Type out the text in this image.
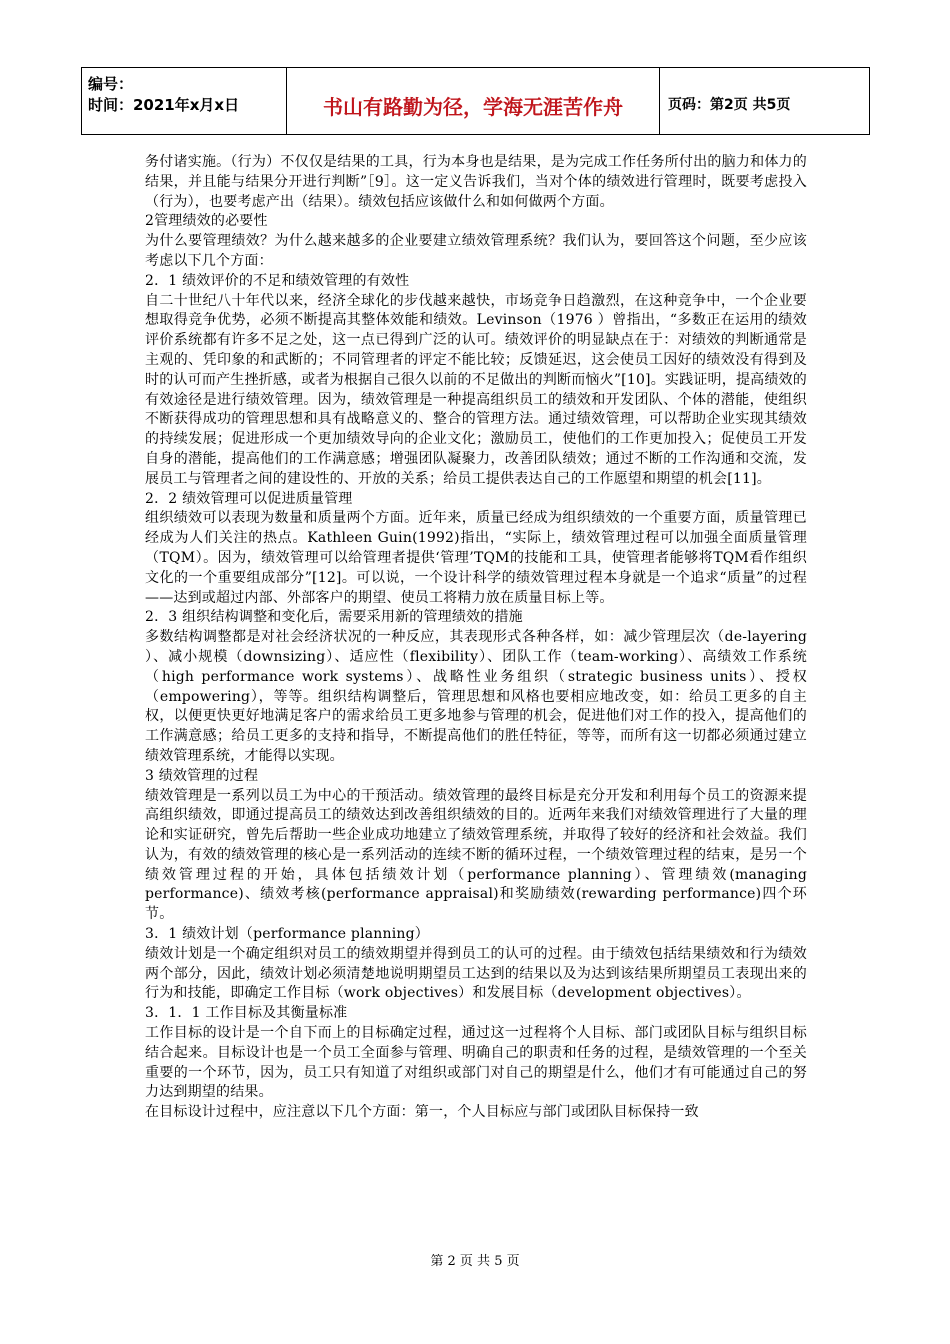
编号：
时间：2021年x月x日	书山有路勤为径，学海无涯苦作舟	页码：第2页 共5页

务付诸实施。（行为）不仅仅是结果的工具，行为本身也是结果，是为完成工作任务所付出的脑力和体力的结果，并且能与结果分开进行判断”［9］。这一定义告诉我们，当对个体的绩效进行管理时，既要考虑投入（行为），也要考虑产出（结果）。绩效包括应该做什么和如何做两个方面。

2管理绩效的必要性

为什么要管理绩效？为什么越来越多的企业要建立绩效管理系统？我们认为，要回答这个问题，至少应该考虑以下几个方面：

2．1 绩效评价的不足和绩效管理的有效性

自二十世纪八十年代以来，经济全球化的步伐越来越快，市场竞争日趋激烈，在这种竞争中，一个企业要想取得竞争优势，必须不断提高其整体效能和绩效。Levinson（1976 ）曾指出，“多数正在运用的绩效评价系统都有许多不足之处，这一点已得到广泛的认可。绩效评价的明显缺点在于：对绩效的判断通常是主观的、凭印象的和武断的；不同管理者的评定不能比较；反馈延迟，这会使员工因好的绩效没有得到及时的认可而产生挫折感，或者为根据自己很久以前的不足做出的判断而恼火”[10]。实践证明，提高绩效的有效途径是进行绩效管理。因为，绩效管理是一种提高组织员工的绩效和开发团队、个体的潜能，使组织不断获得成功的管理思想和具有战略意义的、整合的管理方法。通过绩效管理，可以帮助企业实现其绩效的持续发展；促进形成一个更加绩效导向的企业文化；激励员工，使他们的工作更加投入；促使员工开发自身的潜能，提高他们的工作满意感；增强团队凝聚力，改善团队绩效；通过不断的工作沟通和交流，发展员工与管理者之间的建设性的、开放的关系；给员工提供表达自己的工作愿望和期望的机会[11]。

2．2 绩效管理可以促进质量管理

组织绩效可以表现为数量和质量两个方面。近年来，质量已经成为组织绩效的一个重要方面，质量管理已经成为人们关注的热点。Kathleen Guin(1992)指出，“实际上，绩效管理过程可以加强全面质量管理（TQM）。因为，绩效管理可以给管理者提供‘管理’TQM的技能和工具，使管理者能够将TQM看作组织文化的一个重要组成部分”[12]。可以说，一个设计科学的绩效管理过程本身就是一个追求“质量”的过程——达到或超过内部、外部客户的期望、使员工将精力放在质量目标上等。

2．3 组织结构调整和变化后，需要采用新的管理绩效的措施

多数结构调整都是对社会经济状况的一种反应，其表现形式各种各样，如：减少管理层次（de-layering ）、减小规模（downsizing）、适应性（flexibility）、团队工作（team-working）、高绩效工作系统（high performance work systems）、战略性业务组织（strategic business units）、授权（empowering），等等。组织结构调整后，管理思想和风格也要相应地改变，如：给员工更多的自主权，以便更快更好地满足客户的需求给员工更多地参与管理的机会，促进他们对工作的投入，提高他们的工作满意感；给员工更多的支持和指导，不断提高他们的胜任特征，等等，而所有这一切都必须通过建立绩效管理系统，才能得以实现。

3 绩效管理的过程

绩效管理是一系列以员工为中心的干预活动。绩效管理的最终目标是充分开发和利用每个员工的资源来提高组织绩效，即通过提高员工的绩效达到改善组织绩效的目的。近两年来我们对绩效管理进行了大量的理论和实证研究，曾先后帮助一些企业成功地建立了绩效管理系统，并取得了较好的经济和社会效益。我们认为，有效的绩效管理的核心是一系列活动的连续不断的循环过程，一个绩效管理过程的结束，是另一个绩效管理过程的开始，具体包括绩效计划（performance planning）、管理绩效(managing performance)、绩效考核(performance appraisal)和奖励绩效(rewarding performance)四个环节。

3．1 绩效计划（performance planning）

绩效计划是一个确定组织对员工的绩效期望并得到员工的认可的过程。由于绩效包括结果绩效和行为绩效两个部分，因此，绩效计划必须清楚地说明期望员工达到的结果以及为达到该结果所期望员工表现出来的行为和技能，即确定工作目标（work objectives）和发展目标（development objectives）。

3．1．1 工作目标及其衡量标准

工作目标的设计是一个自下而上的目标确定过程，通过这一过程将个人目标、部门或团队目标与组织目标结合起来。目标设计也是一个员工全面参与管理、明确自己的职责和任务的过程，是绩效管理的一个至关重要的一个环节，因为，员工只有知道了对组织或部门对自己的期望是什么，他们才有可能通过自己的努力达到期望的结果。

在目标设计过程中，应注意以下几个方面：第一，个人目标应与部门或团队目标保持一致

第 2 页 共 5 页
